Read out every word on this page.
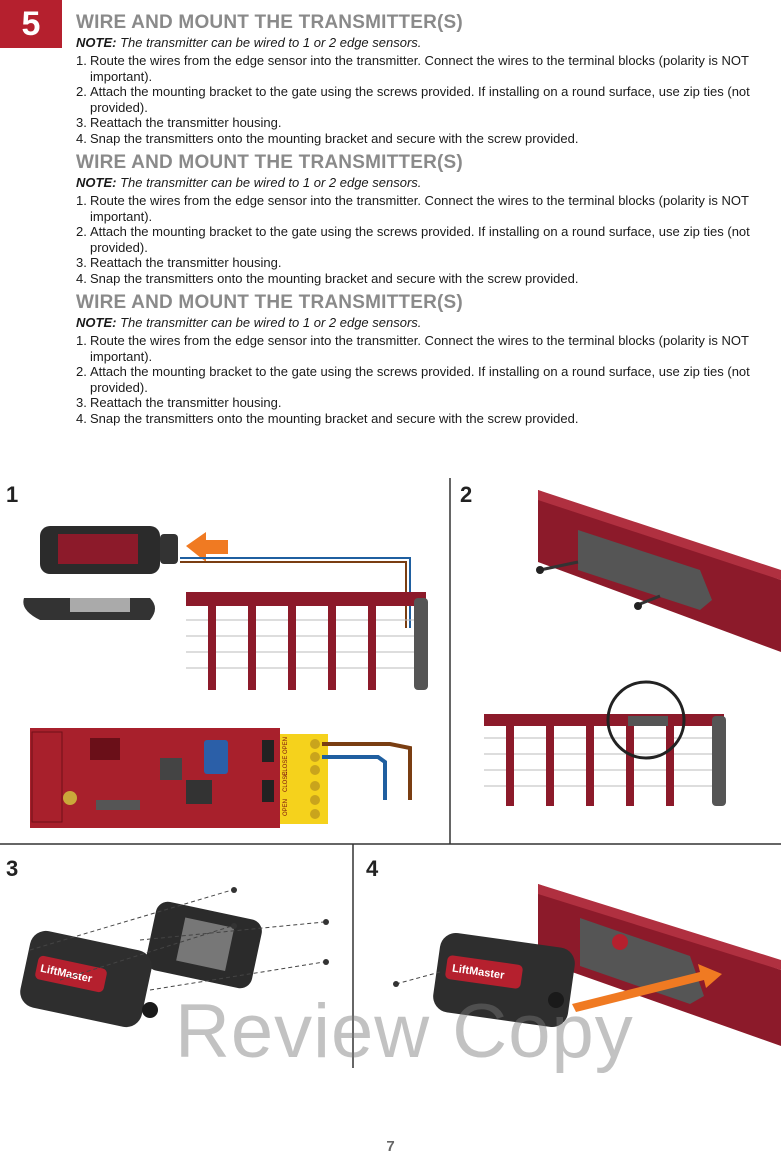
5	WIRE AND MOUNT THE TRANSMITTER(S)
NOTE: The transmitter can be wired to 1 or 2 edge sensors.
1. Route the wires from the edge sensor into the transmitter. Connect the wires to the terminal blocks (polarity is NOT important).
2. Attach the mounting bracket to the gate using the screws provided. If installing on a round surface, use zip ties (not provided).
3. Reattach the transmitter housing.
4. Snap the transmitters onto the mounting bracket and secure with the screw provided.
WIRE AND MOUNT THE TRANSMITTER(S)
NOTE: The transmitter can be wired to 1 or 2 edge sensors.
1. Route the wires from the edge sensor into the transmitter. Connect the wires to the terminal blocks (polarity is NOT important).
2. Attach the mounting bracket to the gate using the screws provided. If installing on a round surface, use zip ties (not provided).
3. Reattach the transmitter housing.
4. Snap the transmitters onto the mounting bracket and secure with the screw provided.
WIRE AND MOUNT THE TRANSMITTER(S)
NOTE: The transmitter can be wired to 1 or 2 edge sensors.
1. Route the wires from the edge sensor into the transmitter. Connect the wires to the terminal blocks (polarity is NOT important).
2. Attach the mounting bracket to the gate using the screws provided. If installing on a round surface, use zip ties (not provided).
3. Reattach the transmitter housing.
4. Snap the transmitters onto the mounting bracket and secure with the screw provided.
OPEN
CLOSE
CLOSE
OPEN
LiftMaster	LiftMaster
1	2
3	4
Review Copy
7
